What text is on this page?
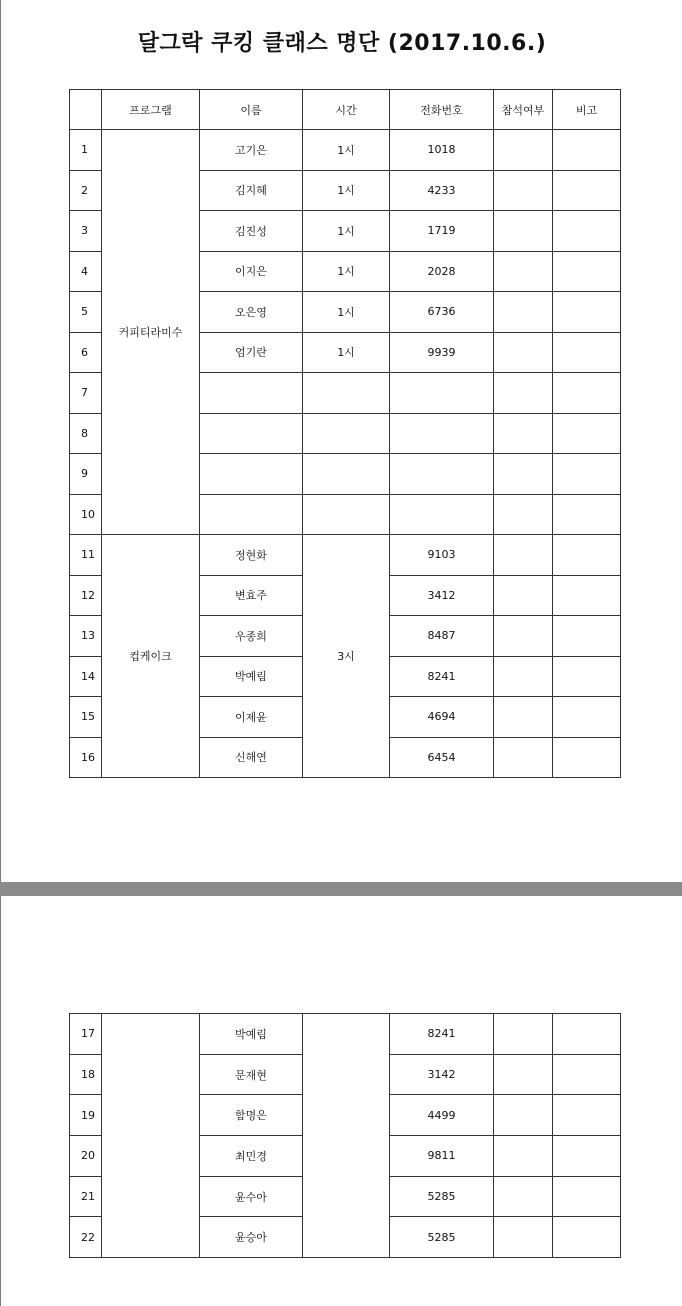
달그락 쿠킹 클래스 명단 (2017.10.6.)
	프로그램	이름	시간	전화번호	참석여부	비고
1	커피티라미수	고기은	1시	1018		
2		김지혜	1시	4233		
3		김진성	1시	1719		
4		이지은	1시	2028		
5		오은영	1시	6736		
6		엄기란	1시	9939		
7						
8						
9						
10						
11	컵케이크	정현화	3시	9103		
12		변효주		3412		
13		우종희		8487		
14		박예림		8241		
15		이제윤		4694		
16		신해연		6454		
17		박예림		8241		
18		문재현		3142		
19		함명은		4499		
20		최민경		9811		
21		윤수아		5285		
22		윤승아		5285		
